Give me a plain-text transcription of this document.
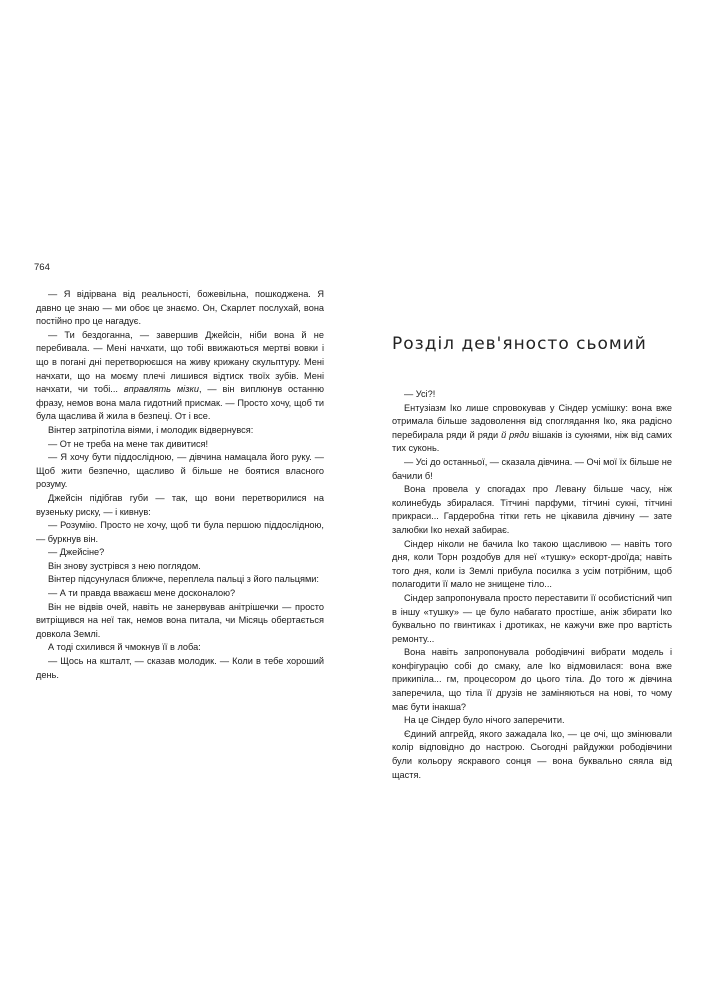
764

— Я відірвана від реальності, божевільна, пошкоджена. Я давно це знаю — ми обоє це знаємо. Он, Скарлет послухай, вона постійно про це нагадує.

— Ти бездоганна, — завершив Джейсін, ніби вона й не перебивала. — Мені начхати, що тобі ввижаються мертві вовки і що в погані дні перетворюєшся на живу крижану скульптуру. Мені начхати, що на моєму плечі лишився відтиск твоїх зубів. Мені начхати, чи тобі... вправлять мізки, — він виплюнув останню фразу, немов вона мала гидотний присмак. — Просто хочу, щоб ти була щаслива й жила в безпеці. От і все.

Вінтер затріпотіла віями, і молодик відвернувся:

— От не треба на мене так дивитися!

— Я хочу бути піддослідною, — дівчина намацала його руку. — Щоб жити безпечно, щасливо й більше не боятися власного розуму.

Джейсін підібгав губи — так, що вони перетворилися на вузеньку риску, — і кивнув:

— Розумію. Просто не хочу, щоб ти була першою піддослідною, — буркнув він.

— Джейсіне?

Він знову зустрівся з нею поглядом.

Вінтер підсунулася ближче, переплела пальці з його пальцями:

— А ти правда вважаєш мене досконалою?

Він не відвів очей, навіть не занервував анітрішечки — просто витріщився на неї так, немов вона питала, чи Місяць обертається довкола Землі.

А тоді схилився й чмокнув її в лоба:

— Щось на кшталт, — сказав молодик. — Коли в тебе хороший день.

Розділ дев'яносто сьомий

— Усі?!

Ентузіазм Іко лише спровокував у Сіндер усмішку: вона вже отримала більше задоволення від споглядання Іко, яка радісно перебирала ряди й ряди й ряди вішаків із сукнями, ніж від самих тих суконь.

— Усі до останньої, — сказала дівчина. — Очі мої їх більше не бачили б!

Вона провела у спогадах про Левану більше часу, ніж колинебудь збиралася. Тітчині парфуми, тітчині сукні, тітчині прикраси... Гардеробна тітки геть не цікавила дівчину — зате залюбки Іко нехай забирає.

Сіндер ніколи не бачила Іко такою щасливою — навіть того дня, коли Торн роздобув для неї «тушку» ескорт-дроїда; навіть того дня, коли із Землі прибула посилка з усім потрібним, щоб полагодити її мало не знищене тіло...

Сіндер запропонувала просто переставити її особистісний чип в іншу «тушку» — це було набагато простіше, аніж збирати Іко буквально по гвинтиках і дротиках, не кажучи вже про вартість ремонту...

Вона навіть запропонувала рободівчині вибрати модель і конфігурацію собі до смаку, але Іко відмовилася: вона вже прикипіла... гм, процесором до цього тіла. До того ж дівчина заперечила, що тіла її друзів не заміняються на нові, то чому має бути інакша?

На це Сіндер було нічого заперечити.

Єдиний апгрейд, якого зажадала Іко, — це очі, що змінювали колір відповідно до настрою. Сьогодні райдужки рободівчини були кольору яскравого сонця — вона буквально сяяла від щастя.
